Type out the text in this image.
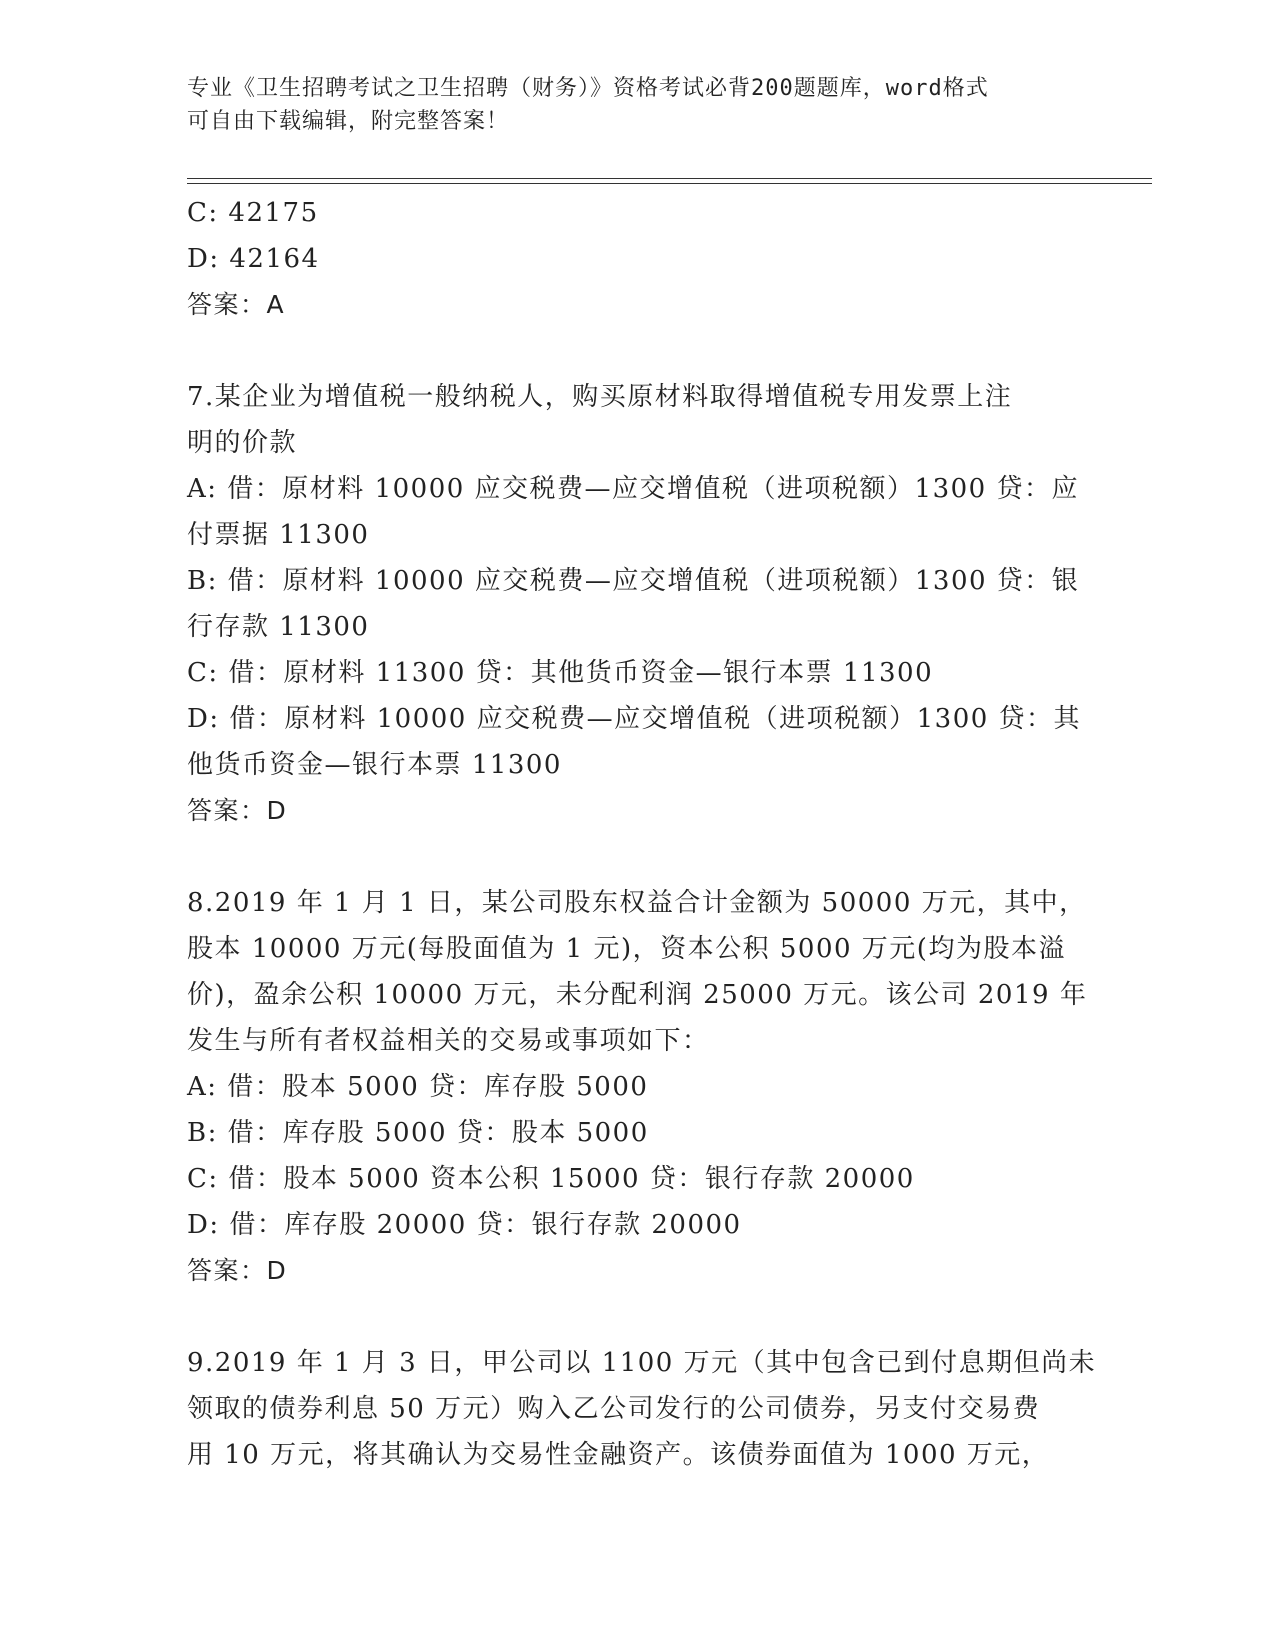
专业《卫生招聘考试之卫生招聘（财务）》资格考试必背200题题库，word格式
可自由下载编辑，附完整答案！
C: 42175
D: 42164
答案：A
7.某企业为增值税一般纳税人，购买原材料取得增值税专用发票上注
明的价款
A: 借：原材料 10000 应交税费—应交增值税（进项税额）1300 贷：应
付票据 11300
B: 借：原材料 10000 应交税费—应交增值税（进项税额）1300 贷：银
行存款 11300
C: 借：原材料 11300 贷：其他货币资金—银行本票 11300
D: 借：原材料 10000 应交税费—应交增值税（进项税额）1300 贷：其
他货币资金—银行本票 11300
答案：D
8.2019 年 1 月 1 日，某公司股东权益合计金额为 50000 万元，其中，
股本 10000 万元(每股面值为 1 元)，资本公积 5000 万元(均为股本溢
价)，盈余公积 10000 万元，未分配利润 25000 万元。该公司 2019 年
发生与所有者权益相关的交易或事项如下：
A: 借：股本 5000 贷：库存股 5000
B: 借：库存股 5000 贷：股本 5000
C: 借：股本 5000 资本公积 15000 贷：银行存款 20000
D: 借：库存股 20000 贷：银行存款 20000
答案：D
9.2019 年 1 月 3 日，甲公司以 1100 万元（其中包含已到付息期但尚未
领取的债券利息 50 万元）购入乙公司发行的公司债券，另支付交易费
用 10 万元，将其确认为交易性金融资产。该债券面值为 1000 万元，
